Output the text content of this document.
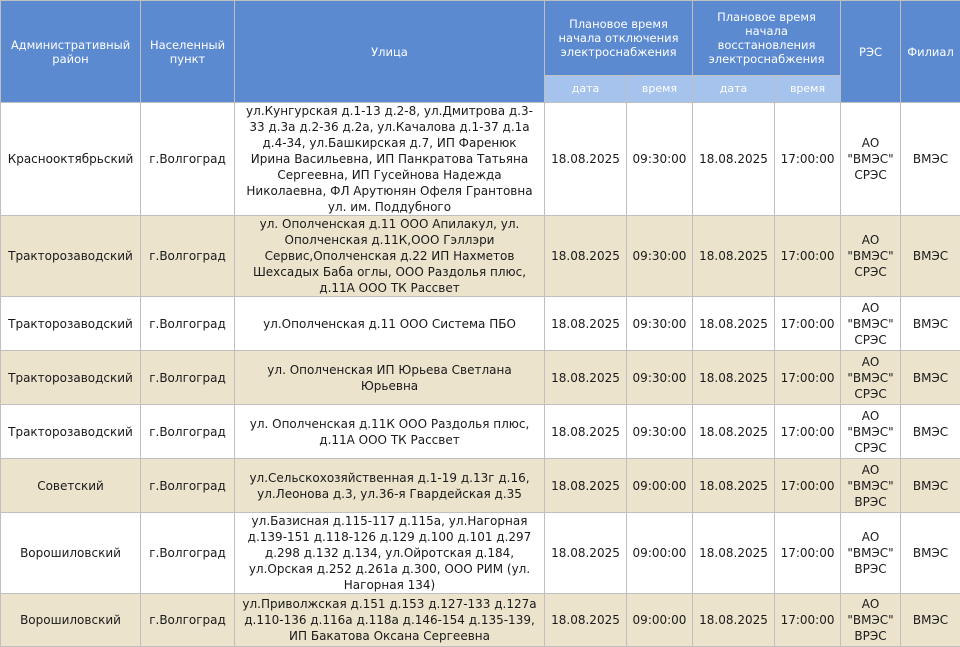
Административный район	Населенный пункт	Улица	Плановое время начала отключения электроснабжения		Плановое время начала восстановления электроснабжения		РЭС	Филиал
			дата	время	дата	время		
Краснооктябрьский	г.Волгоград	ул.Кунгурская д.1-13 д.2-8, ул.Дмитрова д.3-33 д.3а д.2-36 д.2а, ул.Качалова д.1-37 д.1а д.4-34, ул.Башкирская д.7, ИП Фаренюк Ирина Васильевна, ИП Панкратова Татьяна Сергеевна, ИП Гусейнова Надежда Николаевна, ФЛ Арутюнян Офеля Грантовна ул. им. Поддубного	18.08.2025	09:30:00	18.08.2025	17:00:00	АО "ВМЭС" СРЭС	ВМЭС
Тракторозаводский	г.Волгоград	ул. Ополченская д.11 ООО Апилакул, ул. Ополченская д.11К,ООО Гэллэри Сервис,Ополченская д.22 ИП Нахметов Шехсадых Баба оглы, ООО Раздолья плюс, д.11А ООО ТК Рассвет	18.08.2025	09:30:00	18.08.2025	17:00:00	АО "ВМЭС" СРЭС	ВМЭС
Тракторозаводский	г.Волгоград	ул.Ополченская д.11 ООО Система ПБО	18.08.2025	09:30:00	18.08.2025	17:00:00	АО "ВМЭС" СРЭС	ВМЭС
Тракторозаводский	г.Волгоград	ул. Ополченская ИП Юрьева Светлана Юрьевна	18.08.2025	09:30:00	18.08.2025	17:00:00	АО "ВМЭС" СРЭС	ВМЭС
Тракторозаводский	г.Волгоград	ул. Ополченская д.11К ООО Раздолья плюс, д.11А ООО ТК Рассвет	18.08.2025	09:30:00	18.08.2025	17:00:00	АО "ВМЭС" СРЭС	ВМЭС
Советский	г.Волгоград	ул.Сельскохозяйственная д.1-19 д.13г д.16, ул.Леонова д.3, ул.36-я Гвардейская д.35	18.08.2025	09:00:00	18.08.2025	17:00:00	АО "ВМЭС" ВРЭС	ВМЭС
Ворошиловский	г.Волгоград	ул.Базисная д.115-117 д.115а, ул.Нагорная д.139-151 д.118-126 д.129 д.100 д.101 д.297 д.298 д.132 д.134, ул.Ойротская д.184, ул.Орская д.252 д.261а д.300, ООО РИМ (ул. Нагорная 134)	18.08.2025	09:00:00	18.08.2025	17:00:00	АО "ВМЭС" ВРЭС	ВМЭС
Ворошиловский	г.Волгоград	ул.Приволжская д.151 д.153 д.127-133 д.127а д.110-136 д.116а д.118а д.146-154 д.135-139, ИП Бакатова Оксана Сергеевна	18.08.2025	09:00:00	18.08.2025	17:00:00	АО "ВМЭС" ВРЭС	ВМЭС
